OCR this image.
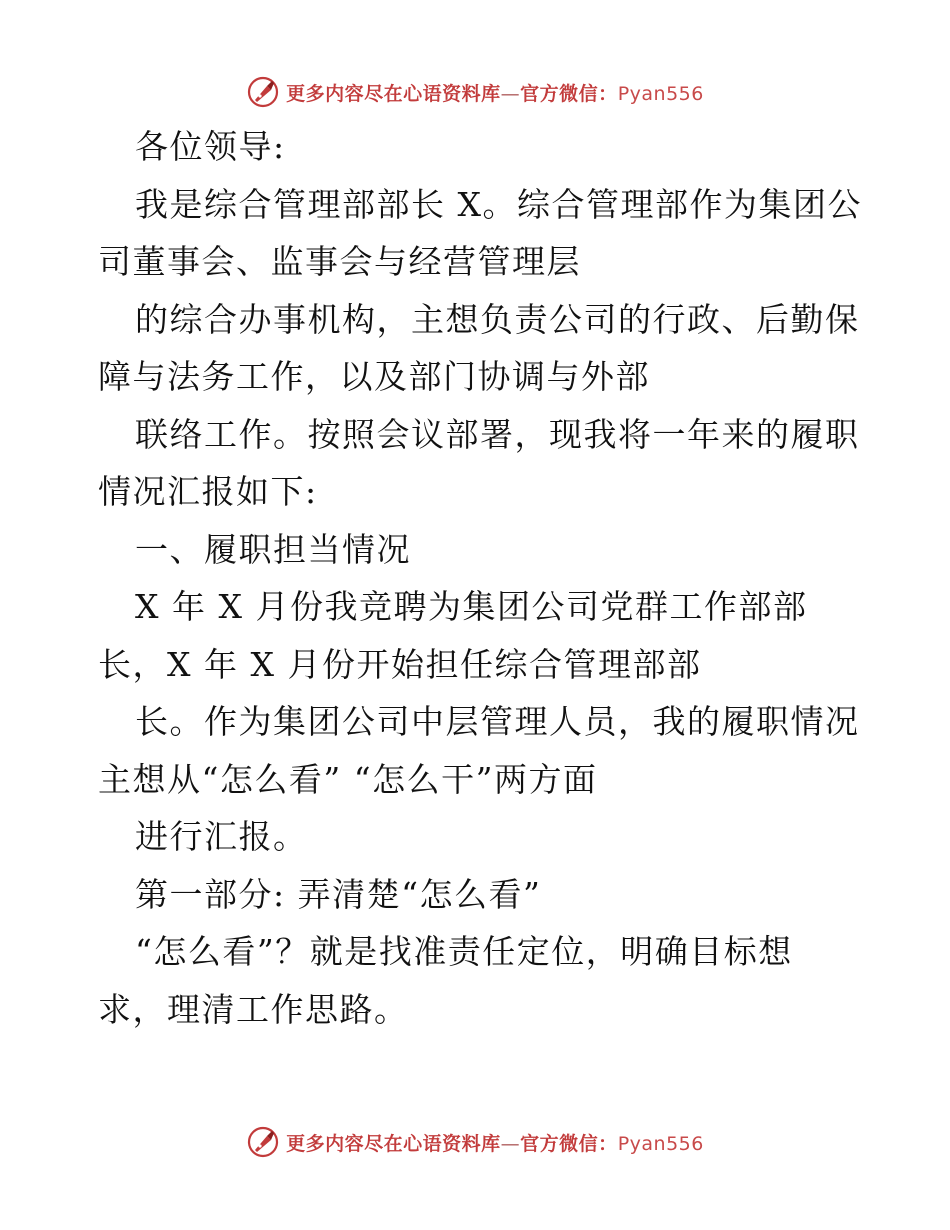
更多内容尽在心语资料库—官方微信：Pyan556
各位领导:
我是综合管理部部长 X。综合管理部作为集团公
司董事会、监事会与经营管理层
的综合办事机构，主想负责公司的行政、后勤保
障与法务工作，以及部门协调与外部
联络工作。按照会议部署，现我将一年来的履职
情况汇报如下:
一、履职担当情况
X 年 X 月份我竞聘为集团公司党群工作部部
长，X 年 X 月份开始担任综合管理部部
长。作为集团公司中层管理人员，我的履职情况
主想从“怎么看” “怎么干”两方面
进行汇报。
第一部分: 弄清楚“怎么看”
“怎么看”？就是找准责任定位，明确目标想
求，理清工作思路。
更多内容尽在心语资料库—官方微信：Pyan556
